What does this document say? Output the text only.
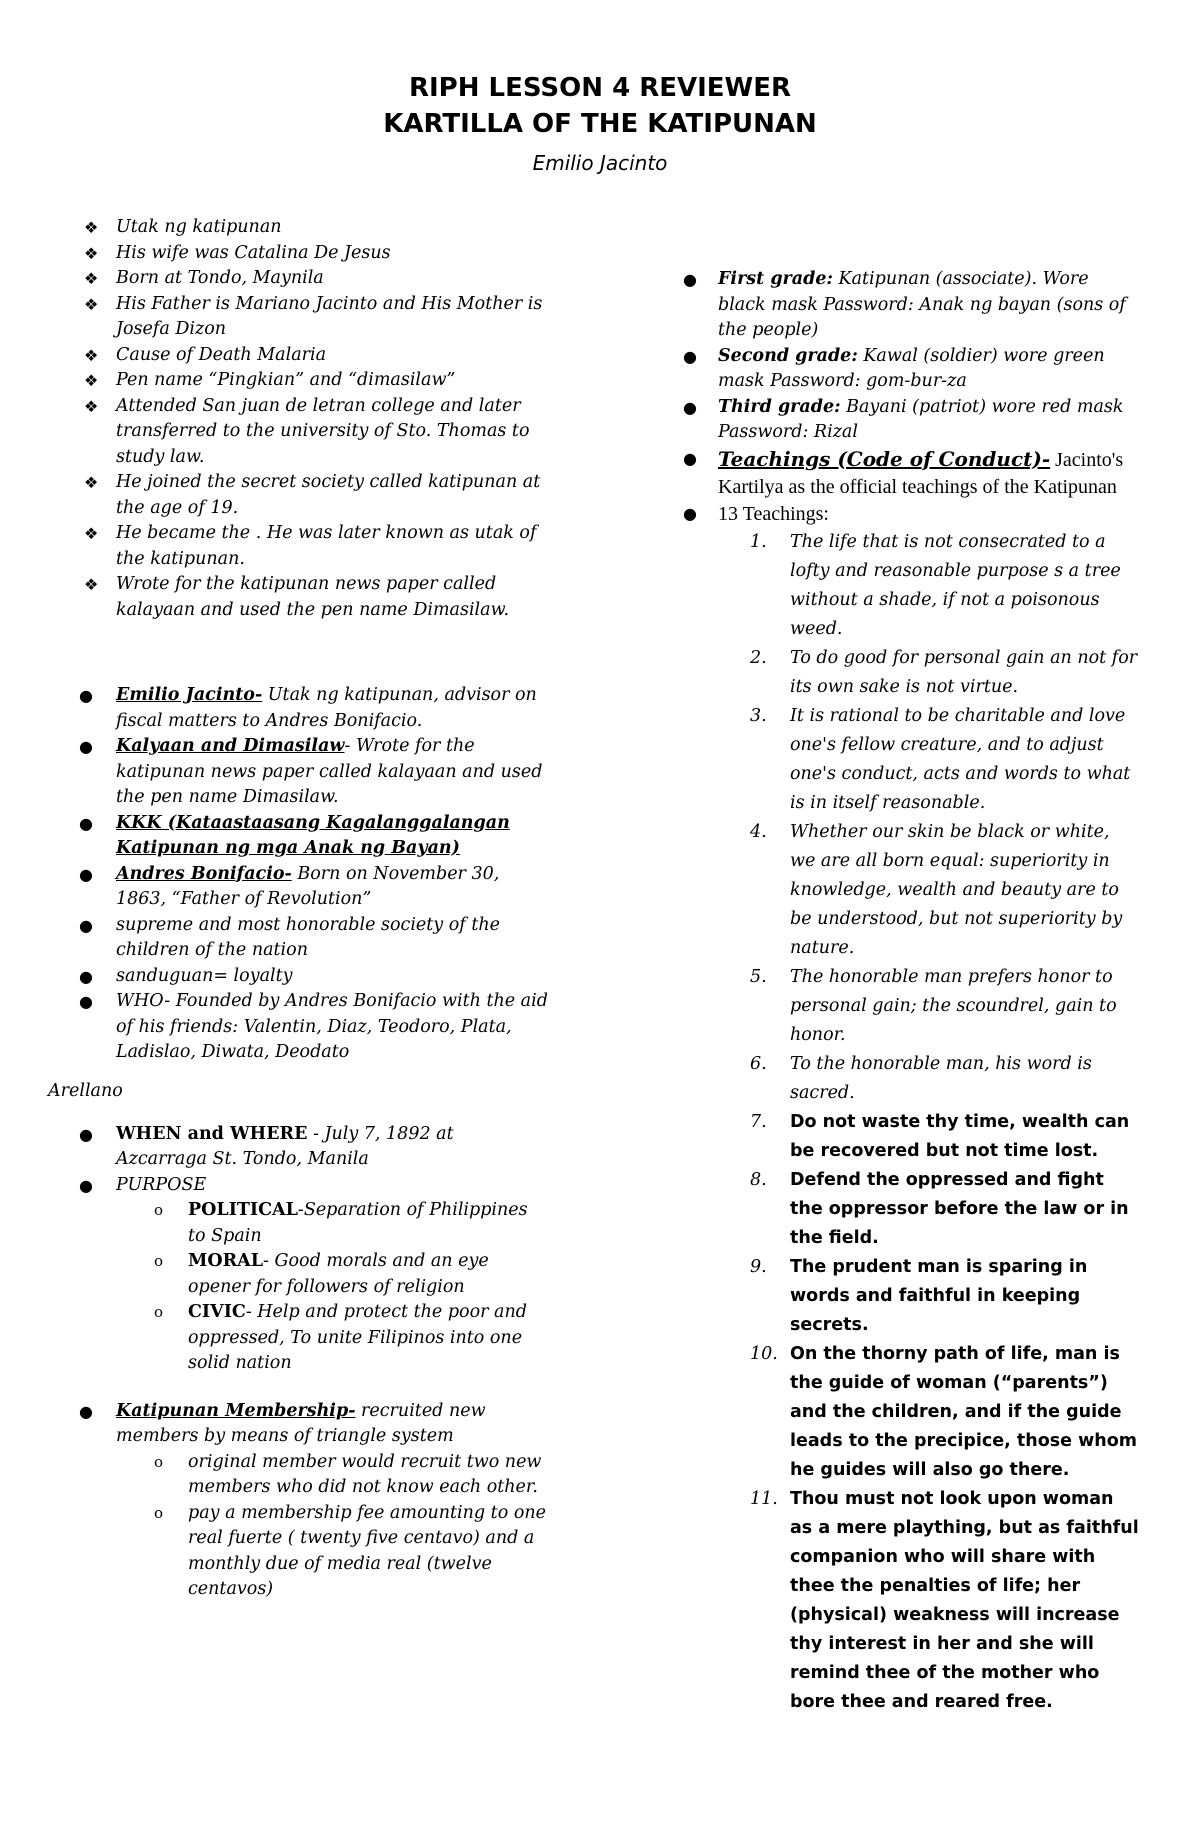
RIPH LESSON 4 REVIEWER
KARTILLA OF THE KATIPUNAN
Emilio Jacinto
❖ Utak ng katipunan
❖ His wife was Catalina De Jesus
❖ Born at Tondo, Maynila
❖ His Father is Mariano Jacinto and His Mother is Josefa Dizon
❖ Cause of Death Malaria
❖ Pen name “Pingkian” and “dimasilaw”
❖ Attended San juan de letran college and later transferred to the university of Sto. Thomas to study law.
❖ He joined the secret society called katipunan at the age of 19.
❖ He became the . He was later known as utak of the katipunan.
❖ Wrote for the katipunan news paper called kalayaan and used the pen name Dimasilaw.
● Emilio Jacinto- Utak ng katipunan, advisor on fiscal matters to Andres Bonifacio.
● Kalyaan and Dimasilaw- Wrote for the katipunan news paper called kalayaan and used the pen name Dimasilaw.
● KKK (Kataastaasang Kagalanggalangan Katipunan ng mga Anak ng Bayan)
● Andres Bonifacio- Born on November 30, 1863, “Father of Revolution”
● supreme and most honorable society of the children of the nation
● sanduguan= loyalty
● WHO- Founded by Andres Bonifacio with the aid of his friends: Valentin, Diaz, Teodoro, Plata, Ladislao, Diwata, Deodato
Arellano
● WHEN and WHERE - July 7, 1892 at Azcarraga St. Tondo, Manila
● PURPOSE
o POLITICAL-Separation of Philippines to Spain
o MORAL- Good morals and an eye opener for followers of religion
o CIVIC- Help and protect the poor and oppressed, To unite Filipinos into one solid nation
● Katipunan Membership- recruited new members by means of triangle system
o original member would recruit two new members who did not know each other.
o pay a membership fee amounting to one real fuerte ( twenty five centavo) and a monthly due of media real (twelve centavos)
● First grade: Katipunan (associate). Wore black mask Password: Anak ng bayan (sons of the people)
● Second grade: Kawal (soldier) wore green mask Password: gom-bur-za
● Third grade: Bayani (patriot) wore red mask Password: Rizal
● Teachings (Code of Conduct)- Jacinto's Kartilya as the official teachings of the Katipunan
● 13 Teachings:
1. The life that is not consecrated to a lofty and reasonable purpose s a tree without a shade, if not a poisonous weed.
2. To do good for personal gain an not for its own sake is not virtue.
3. It is rational to be charitable and love one's fellow creature, and to adjust one's conduct, acts and words to what is in itself reasonable.
4. Whether our skin be black or white, we are all born equal: superiority in knowledge, wealth and beauty are to be understood, but not superiority by nature.
5. The honorable man prefers honor to personal gain; the scoundrel, gain to honor.
6. To the honorable man, his word is sacred.
7. Do not waste thy time, wealth can be recovered but not time lost.
8. Defend the oppressed and fight the oppressor before the law or in the field.
9. The prudent man is sparing in words and faithful in keeping secrets.
10. On the thorny path of life, man is the guide of woman (“parents”) and the children, and if the guide leads to the precipice, those whom he guides will also go there.
11. Thou must not look upon woman as a mere plaything, but as faithful companion who will share with thee the penalties of life; her (physical) weakness will increase thy interest in her and she will remind thee of the mother who bore thee and reared free.
